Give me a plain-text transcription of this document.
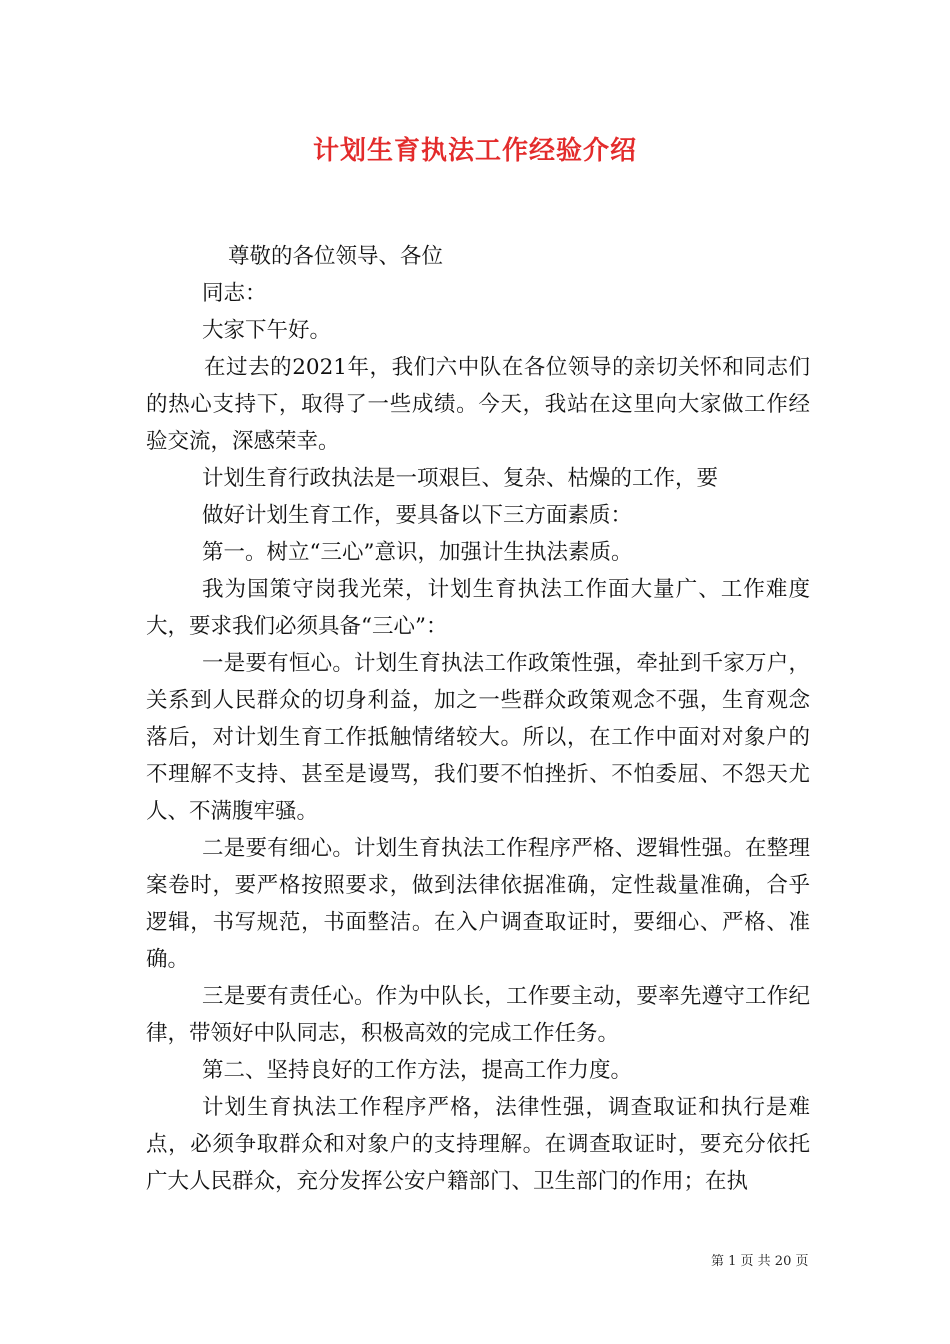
计划生育执法工作经验介绍

尊敬的各位领导、各位

同志：

大家下午好。

在过去的2021年，我们六中队在各位领导的亲切关怀和同志们的热心支持下，取得了一些成绩。今天，我站在这里向大家做工作经验交流，深感荣幸。

计划生育行政执法是一项艰巨、复杂、枯燥的工作，要

做好计划生育工作，要具备以下三方面素质：

第一。树立“三心”意识，加强计生执法素质。

我为国策守岗我光荣，计划生育执法工作面大量广、工作难度大，要求我们必须具备“三心”：

一是要有恒心。计划生育执法工作政策性强，牵扯到千家万户，关系到人民群众的切身利益，加之一些群众政策观念不强，生育观念落后，对计划生育工作抵触情绪较大。所以，在工作中面对对象户的不理解不支持、甚至是谩骂，我们要不怕挫折、不怕委屈、不怨天尤人、不满腹牢骚。

二是要有细心。计划生育执法工作程序严格、逻辑性强。在整理案卷时，要严格按照要求，做到法律依据准确，定性裁量准确，合乎逻辑，书写规范，书面整洁。在入户调查取证时，要细心、严格、准确。

三是要有责任心。作为中队长，工作要主动，要率先遵守工作纪律，带领好中队同志，积极高效的完成工作任务。

第二、坚持良好的工作方法，提高工作力度。

计划生育执法工作程序严格，法律性强，调查取证和执行是难点，必须争取群众和对象户的支持理解。在调查取证时，要充分依托广大人民群众，充分发挥公安户籍部门、卫生部门的作用；在执

第 1 页 共 20 页
